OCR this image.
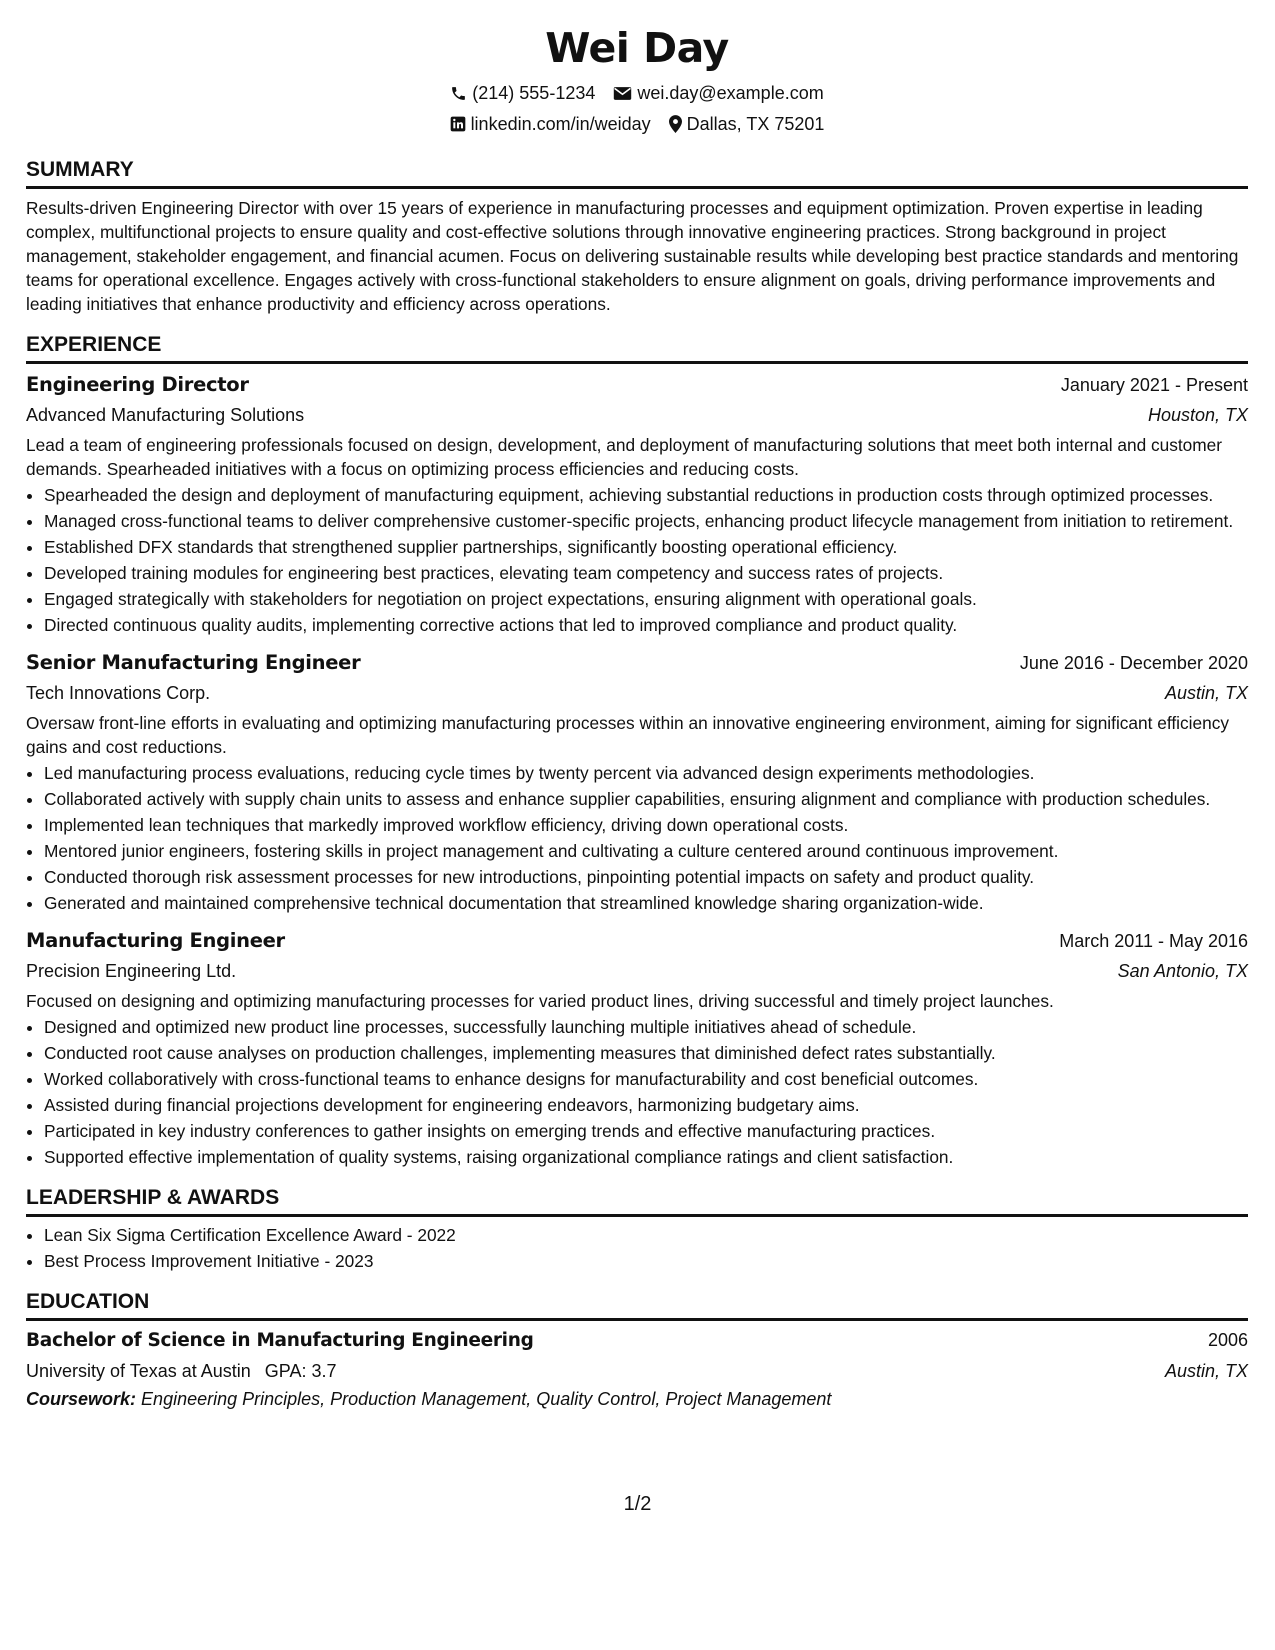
Wei Day
(214) 555-1234 wei.day@example.com
linkedin.com/in/weiday Dallas, TX 75201
SUMMARY

Results-driven Engineering Director with over 15 years of experience in manufacturing processes and equipment optimization. Proven expertise in leading complex, multifunctional projects to ensure quality and cost-effective solutions through innovative engineering practices. Strong background in project management, stakeholder engagement, and financial acumen. Focus on delivering sustainable results while developing best practice standards and mentoring teams for operational excellence. Engages actively with cross-functional stakeholders to ensure alignment on goals, driving performance improvements and leading initiatives that enhance productivity and efficiency across operations.

EXPERIENCE
Engineering Director	January 2021 - Present
Advanced Manufacturing Solutions	Houston, TX

Lead a team of engineering professionals focused on design, development, and deployment of manufacturing solutions that meet both internal and customer demands. Spearheaded initiatives with a focus on optimizing process efficiencies and reducing costs.

• Spearheaded the design and deployment of manufacturing equipment, achieving substantial reductions in production costs through optimized processes.
• Managed cross-functional teams to deliver comprehensive customer-specific projects, enhancing product lifecycle management from initiation to retirement.
• Established DFX standards that strengthened supplier partnerships, significantly boosting operational efficiency.
• Developed training modules for engineering best practices, elevating team competency and success rates of projects.
• Engaged strategically with stakeholders for negotiation on project expectations, ensuring alignment with operational goals.
• Directed continuous quality audits, implementing corrective actions that led to improved compliance and product quality.
Senior Manufacturing Engineer	June 2016 - December 2020
Tech Innovations Corp.	Austin, TX

Oversaw front-line efforts in evaluating and optimizing manufacturing processes within an innovative engineering environment, aiming for significant efficiency gains and cost reductions.

• Led manufacturing process evaluations, reducing cycle times by twenty percent via advanced design experiments methodologies.
• Collaborated actively with supply chain units to assess and enhance supplier capabilities, ensuring alignment and compliance with production schedules.
• Implemented lean techniques that markedly improved workflow efficiency, driving down operational costs.
• Mentored junior engineers, fostering skills in project management and cultivating a culture centered around continuous improvement.
• Conducted thorough risk assessment processes for new introductions, pinpointing potential impacts on safety and product quality.
• Generated and maintained comprehensive technical documentation that streamlined knowledge sharing organization-wide.
Manufacturing Engineer	March 2011 - May 2016
Precision Engineering Ltd.	San Antonio, TX

Focused on designing and optimizing manufacturing processes for varied product lines, driving successful and timely project launches.

• Designed and optimized new product line processes, successfully launching multiple initiatives ahead of schedule.
• Conducted root cause analyses on production challenges, implementing measures that diminished defect rates substantially.
• Worked collaboratively with cross-functional teams to enhance designs for manufacturability and cost beneficial outcomes.
• Assisted during financial projections development for engineering endeavors, harmonizing budgetary aims.
• Participated in key industry conferences to gather insights on emerging trends and effective manufacturing practices.
• Supported effective implementation of quality systems, raising organizational compliance ratings and client satisfaction.
LEADERSHIP & AWARDS
• Lean Six Sigma Certification Excellence Award - 2022
• Best Process Improvement Initiative - 2023
EDUCATION
Bachelor of Science in Manufacturing Engineering	2006
University of Texas at Austin GPA: 3.7	Austin, TX
Coursework: Engineering Principles, Production Management, Quality Control, Project Management
1/2
